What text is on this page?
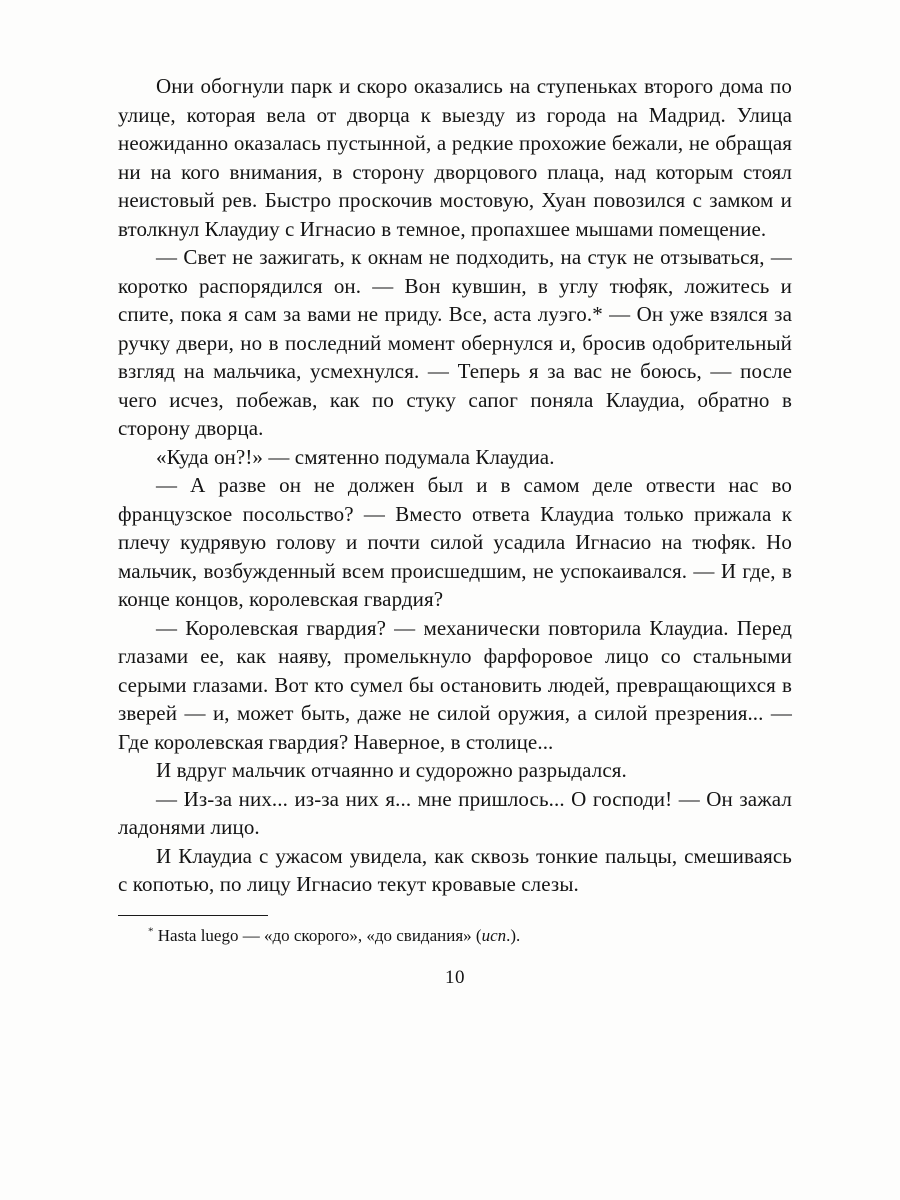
Они обогнули парк и скоро оказались на ступеньках второго дома по улице, которая вела от дворца к выезду из города на Мадрид. Улица неожиданно оказалась пустынной, а редкие прохожие бежали, не обращая ни на кого внимания, в сторону дворцового плаца, над которым стоял неистовый рев. Быстро проскочив мостовую, Хуан повозился с замком и втолкнул Клаудиу с Игнасио в темное, пропахшее мышами помещение.

— Свет не зажигать, к окнам не подходить, на стук не отзываться, — коротко распорядился он. — Вон кувшин, в углу тюфяк, ложитесь и спите, пока я сам за вами не приду. Все, аста луэго.* — Он уже взялся за ручку двери, но в последний момент обернулся и, бросив одобрительный взгляд на мальчика, усмехнулся. — Теперь я за вас не боюсь, — после чего исчез, побежав, как по стуку сапог поняла Клаудиа, обратно в сторону дворца.

«Куда он?!» — смятенно подумала Клаудиа.

— А разве он не должен был и в самом деле отвести нас во французское посольство? — Вместо ответа Клаудиа только прижала к плечу кудрявую голову и почти силой усадила Игнасио на тюфяк. Но мальчик, возбужденный всем происшедшим, не успокаивался. — И где, в конце концов, королевская гвардия?

— Королевская гвардия? — механически повторила Клаудиа. Перед глазами ее, как наяву, промелькнуло фарфоровое лицо со стальными серыми глазами. Вот кто сумел бы остановить людей, превращающихся в зверей — и, может быть, даже не силой оружия, а силой презрения... — Где королевская гвардия? Наверное, в столице...

И вдруг мальчик отчаянно и судорожно разрыдался.

— Из-за них... из-за них я... мне пришлось... О господи! — Он зажал ладонями лицо.

И Клаудиа с ужасом увидела, как сквозь тонкие пальцы, смешиваясь с копотью, по лицу Игнасио текут кровавые слезы.

* Hasta luego — «до скорого», «до свидания» (исп.).

10
